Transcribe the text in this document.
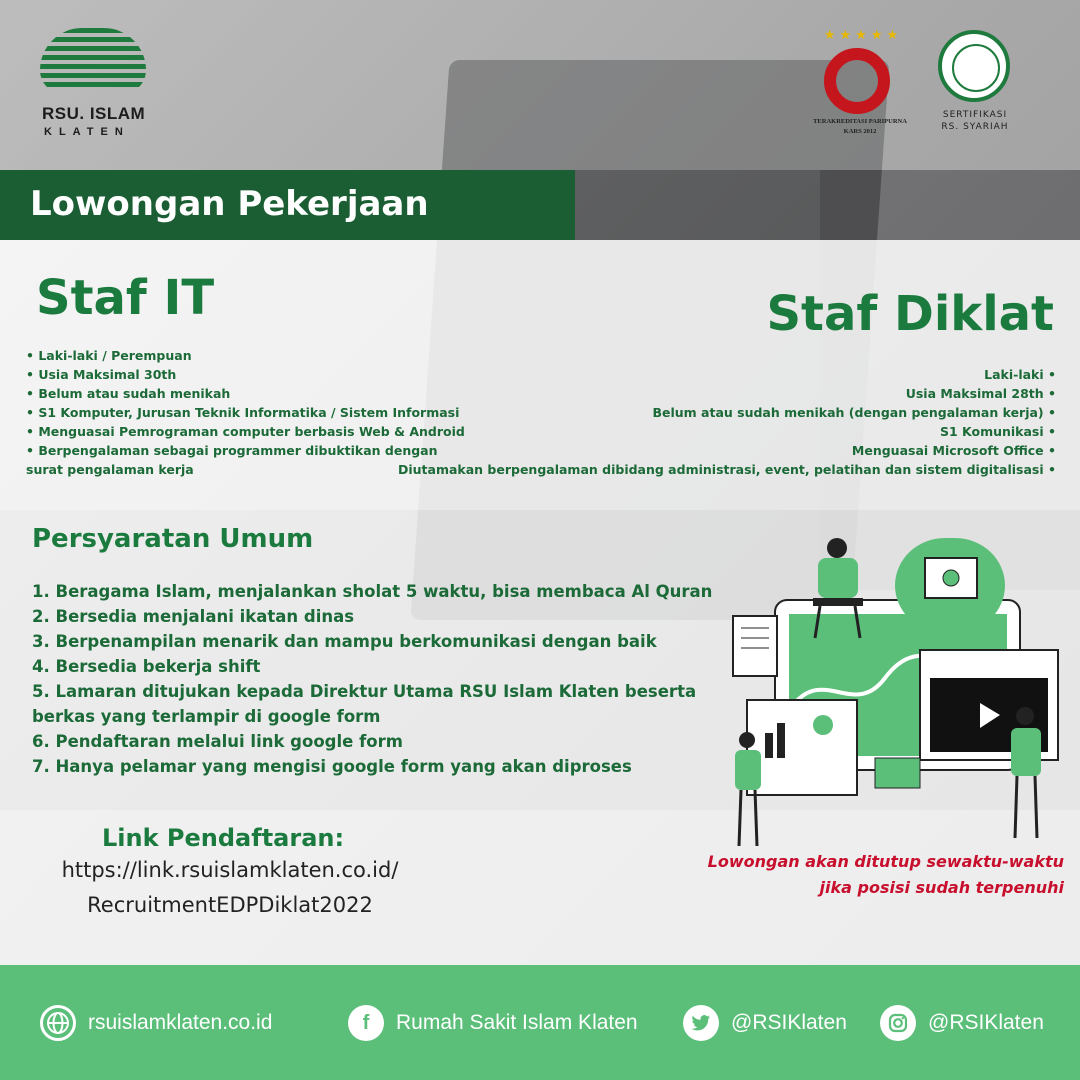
RSU. ISLAM
KLATEN
★★★★★
TERAKREDITASI PARIPURNA
KARS 2012
SERTIFIKASI
RS. SYARIAH
Lowongan Pekerjaan
Staf IT
• Laki-laki / Perempuan
• Usia Maksimal 30th
• Belum atau sudah menikah
• S1 Komputer, Jurusan Teknik Informatika / Sistem Informasi
• Menguasai Pemrograman computer berbasis Web & Android
• Berpengalaman sebagai programmer dibuktikan dengan
surat pengalaman kerja
Staf Diklat
Laki-laki •
Usia Maksimal 28th •
Belum atau sudah menikah (dengan pengalaman kerja) •
S1 Komunikasi •
Menguasai Microsoft Office •
Diutamakan berpengalaman dibidang administrasi, event, pelatihan dan sistem digitalisasi •
Persyaratan Umum
1. Beragama Islam, menjalankan sholat 5 waktu, bisa membaca Al Quran
2. Bersedia menjalani ikatan dinas
3. Berpenampilan menarik dan mampu berkomunikasi dengan baik
4. Bersedia bekerja shift
5. Lamaran ditujukan kepada Direktur Utama RSU Islam Klaten beserta
berkas yang terlampir di google form
6. Pendaftaran melalui link google form
7. Hanya pelamar yang mengisi google form yang akan diproses
Link Pendaftaran:
https://link.rsuislamklaten.co.id/
RecruitmentEDPDiklat2022
Lowongan akan ditutup sewaktu-waktu
jika posisi sudah terpenuhi
rsuislamklaten.co.id	f	Rumah Sakit Islam Klaten	@RSIKlaten	@RSIKlaten
